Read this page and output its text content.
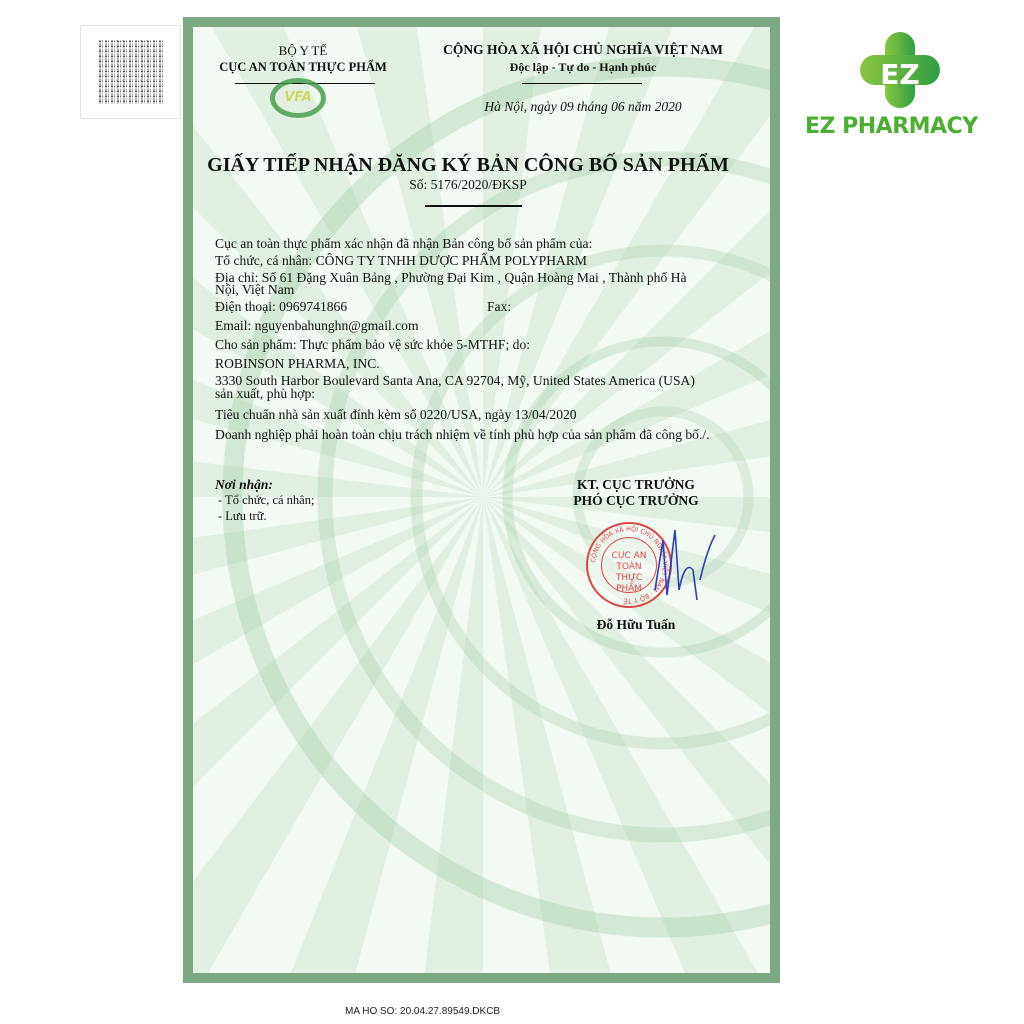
EZ
EZ PHARMACY
BỘ Y TẾ
CỤC AN TOÀN THỰC PHẨM
VFA
CỘNG HÒA XÃ HỘI CHỦ NGHĨA VIỆT NAM
Độc lập - Tự do - Hạnh phúc
Hà Nội, ngày 09 tháng 06 năm 2020
GIẤY TIẾP NHẬN ĐĂNG KÝ BẢN CÔNG BỐ SẢN PHẨM
Số: 5176/2020/ĐKSP
Cục an toàn thực phẩm xác nhận đã nhận Bản công bố sản phẩm của:
Tổ chức, cá nhân: CÔNG TY TNHH DƯỢC PHẨM POLYPHARM
Địa chỉ: Số 61 Đặng Xuân Bảng , Phường Đại Kim , Quận Hoàng Mai , Thành phố Hà
Nội, Việt Nam
Điện thoại: 0969741866	Fax:
Email: nguyenbahunghn@gmail.com
Cho sản phẩm: Thực phẩm bảo vệ sức khỏe 5-MTHF; do:
ROBINSON PHARMA, INC.
3330 South Harbor Boulevard Santa Ana, CA 92704, Mỹ, United States America (USA)
sản xuất, phù hợp:
Tiêu chuẩn nhà sản xuất đính kèm số 0220/USA, ngày 13/04/2020
Doanh nghiệp phải hoàn toàn chịu trách nhiệm về tính phù hợp của sản phẩm đã công bố./.
Nơi nhận:
- Tổ chức, cá nhân;
- Lưu trữ.
KT. CỤC TRƯỞNG
PHÓ CỤC TRƯỞNG
CỘNG HÒA XÃ HỘI CHỦ NGHĨA VIỆT NAM · BỘ Y TẾ
CỤC AN TOÀN THỰC PHẨM
Đỗ Hữu Tuấn
MA HO SO: 20.04.27.89549.DKCB
